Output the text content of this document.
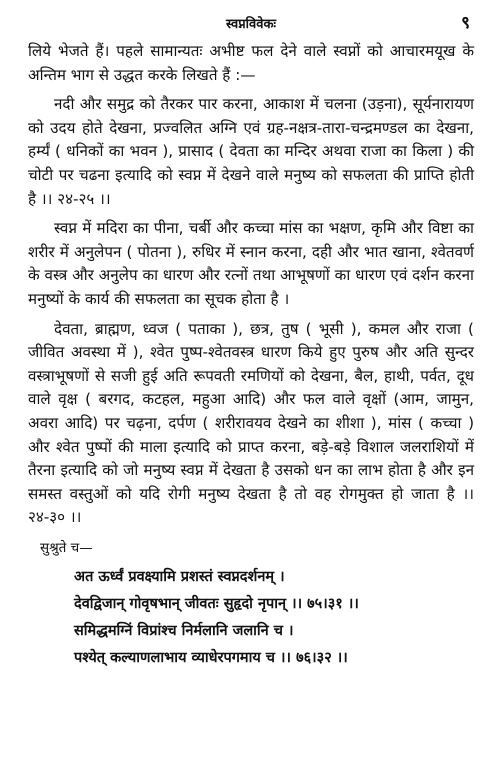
स्वप्नविवेकः	९

लिये भेजते हैं। पहले सामान्यतः अभीष्ट फल देने वाले स्वप्नों को आचारमयूख के अन्तिम भाग से उद्धत करके लिखते हैं :—

नदी और समुद्र को तैरकर पार करना, आकाश में चलना (उड़ना), सूर्यनारायण को उदय होते देखना, प्रज्वलित अग्नि एवं ग्रह-नक्षत्र-तारा-चन्द्रमण्डल का देखना, हर्म्यं ( धनिकों का भवन ), प्रासाद ( देवता का मन्दिर अथवा राजा का किला ) की चोटी पर चढना इत्यादि को स्वप्न में देखने वाले मनुष्य को सफलता की प्राप्ति होती है ।। २४-२५ ।।

स्वप्न में मदिरा का पीना, चर्बी और कच्चा मांस का भक्षण, कृमि और विष्टा का शरीर में अनुलेपन ( पोतना ), रुधिर में स्नान करना, दही और भात खाना, श्वेतवर्ण के वस्त्र और अनुलेप का धारण और रत्नों तथा आभूषणों का धारण एवं दर्शन करना मनुष्यों के कार्य की सफलता का सूचक होता है ।

देवता, ब्राह्मण, ध्वज ( पताका ), छत्र, तुष ( भूसी ), कमल और राजा ( जीवित अवस्था में ), श्वेत पुष्प-श्वेतवस्त्र धारण किये हुए पुरुष और अति सुन्दर वस्त्राभूषणों से सजी हुई अति रूपवती रमणियों को देखना, बैल, हाथी, पर्वत, दूध वाले वृक्ष ( बरगद, कटहल, महुआ आदि) और फल वाले वृक्षों (आम, जामुन, अवरा आदि) पर चढ़ना, दर्पण ( शरीरावयव देखने का शीशा ), मांस ( कच्चा ) और श्वेत पुष्पों की माला इत्यादि को प्राप्त करना, बड़े-बड़े विशाल जलराशियों में तैरना इत्यादि को जो मनुष्य स्वप्न में देखता है उसको धन का लाभ होता है और इन समस्त वस्तुओं को यदि रोगी मनुष्य देखता है तो वह रोगमुक्त हो जाता है ।। २४-३० ।।

सुश्रुते च—
अत ऊर्ध्वं प्रवक्ष्यामि प्रशस्तं स्वप्नदर्शनम् ।
देवद्विजान् गोवृषभान् जीवतः सुहृदो नृपान् ।। ७५।३१ ।।
समिद्धमग्निं विप्रांश्च निर्मलानि जलानि च ।
पश्येत् कल्याणलाभाय व्याधेरपगमाय च ।। ७६।३२ ।।
